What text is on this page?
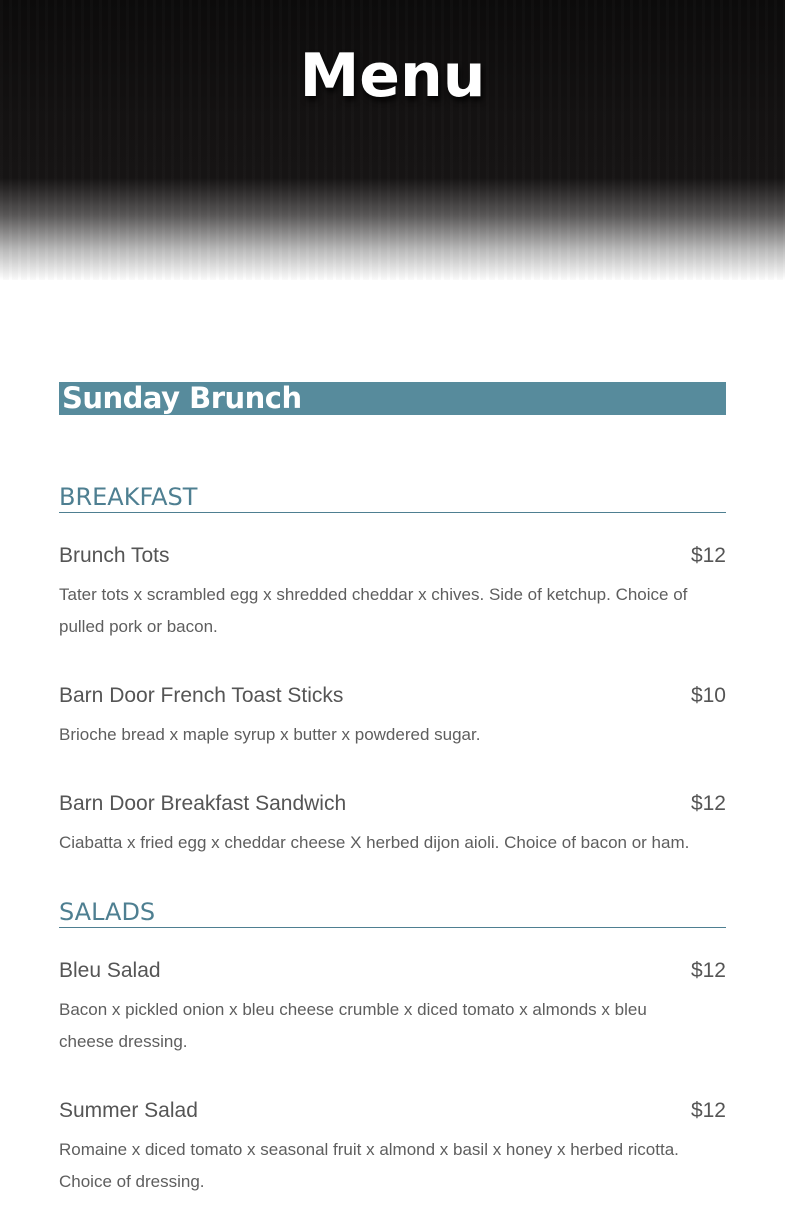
Menu
Sunday Brunch
BREAKFAST
Brunch Tots	$12

Tater tots x scrambled egg x shredded cheddar x chives. Side of ketchup. Choice of pulled pork or bacon.

Barn Door French Toast Sticks	$10

Brioche bread x maple syrup x butter x powdered sugar.

Barn Door Breakfast Sandwich	$12

Ciabatta x fried egg x cheddar cheese X herbed dijon aioli. Choice of bacon or ham.

SALADS
Bleu Salad	$12

Bacon x pickled onion x bleu cheese crumble x diced tomato x almonds x bleu cheese dressing.

Summer Salad	$12

Romaine x diced tomato x seasonal fruit x almond x basil x honey x herbed ricotta. Choice of dressing.
